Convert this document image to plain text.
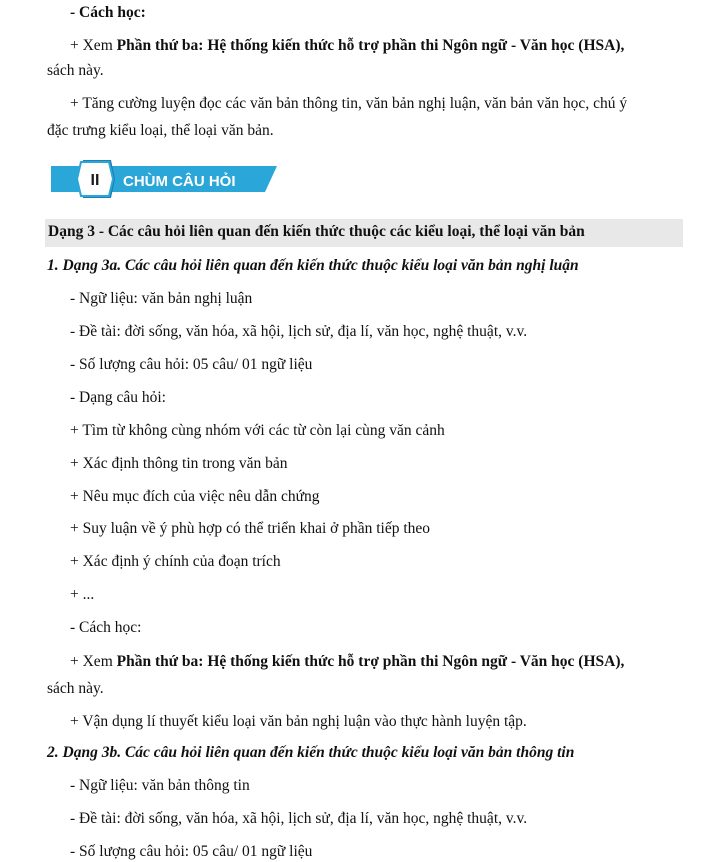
- Cách học:
+ Xem Phần thứ ba: Hệ thống kiến thức hỗ trợ phần thi Ngôn ngữ - Văn học (HSA),
sách này.
+ Tăng cường luyện đọc các văn bản thông tin, văn bản nghị luận, văn bản văn học, chú ý
đặc trưng kiểu loại, thể loại văn bản.
II CHÙM CÂU HỎI
Dạng 3 - Các câu hỏi liên quan đến kiến thức thuộc các kiểu loại, thể loại văn bản
1. Dạng 3a. Các câu hỏi liên quan đến kiến thức thuộc kiểu loại văn bản nghị luận
- Ngữ liệu: văn bản nghị luận
- Đề tài: đời sống, văn hóa, xã hội, lịch sử, địa lí, văn học, nghệ thuật, v.v.
- Số lượng câu hỏi: 05 câu/ 01 ngữ liệu
- Dạng câu hỏi:
+ Tìm từ không cùng nhóm với các từ còn lại cùng văn cảnh
+ Xác định thông tin trong văn bản
+ Nêu mục đích của việc nêu dẫn chứng
+ Suy luận về ý phù hợp có thể triển khai ở phần tiếp theo
+ Xác định ý chính của đoạn trích
+ ...
- Cách học:
+ Xem Phần thứ ba: Hệ thống kiến thức hỗ trợ phần thi Ngôn ngữ - Văn học (HSA),
sách này.
+ Vận dụng lí thuyết kiểu loại văn bản nghị luận vào thực hành luyện tập.
2. Dạng 3b. Các câu hỏi liên quan đến kiến thức thuộc kiểu loại văn bản thông tin
- Ngữ liệu: văn bản thông tin
- Đề tài: đời sống, văn hóa, xã hội, lịch sử, địa lí, văn học, nghệ thuật, v.v.
- Số lượng câu hỏi: 05 câu/ 01 ngữ liệu
